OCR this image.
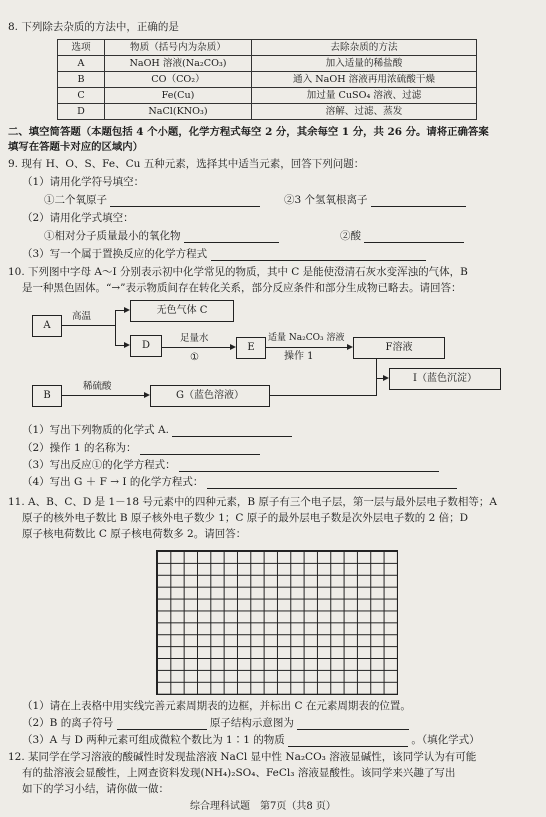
8. 下列除去杂质的方法中，正确的是
选项	物质（括号内为杂质）	去除杂质的方法
A	NaOH 溶液(Na₂CO₃)	加入适量的稀盐酸
B	CO（CO₂）	通入 NaOH 溶液再用浓硫酸干燥
C	Fe(Cu)	加过量 CuSO₄ 溶液、过滤
D	NaCl(KNO₃)	溶解、过滤、蒸发
二、填空简答题（本题包括 4 个小题，化学方程式每空 2 分，其余每空 1 分，共 26 分。请将正确答案
填写在答题卡对应的区域内）
9. 现有 H、O、S、Fe、Cu 五种元素，选择其中适当元素，回答下列问题：
（1）请用化学符号填空：
①二个氧原子	②3 个氢氧根离子
（2）请用化学式填空：
①相对分子质量最小的氧化物	②酸
（3）写一个属于置换反应的化学方程式
10. 下列图中字母 A～I 分别表示初中化学常见的物质，其中 C 是能使澄清石灰水变浑浊的气体，B
是一种黑色固体。“→”表示物质间存在转化关系，部分反应条件和部分生成物已略去。请回答：
A
无色气体 C
D	E	F溶液
B	G（蓝色溶液）
I（蓝色沉淀）
高温
足量水
①
适量 Na₂CO₃ 溶液
操作 1
稀硫酸
（1）写出下列物质的化学式 A.
（2）操作 1 的名称为：
（3）写出反应①的化学方程式：
（4）写出 G ＋ F → I 的化学方程式：
11. A、B、C、D 是 1－18 号元素中的四种元素，B 原子有三个电子层，第一层与最外层电子数相等；A
原子的核外电子数比 B 原子核外电子数少 1；C 原子的最外层电子数是次外层电子数的 2 倍；D
原子核电荷数比 C 原子核电荷数多 2。请回答：
（1）请在上表格中用实线完善元素周期表的边框，并标出 C 在元素周期表的位置。
（2）B 的离子符号	原子结构示意图为
（3）A 与 D 两种元素可组成微粒个数比为 1∶1 的物质	。（填化学式）
12. 某同学在学习溶液的酸碱性时发现盐溶液 NaCl 显中性 Na₂CO₃ 溶液显碱性，该同学认为有可能
有的盐溶液会显酸性，上网查资料发现(NH₄)₂SO₄、FeCl₃ 溶液显酸性。该同学来兴趣了写出
如下的学习小结，请你做一做：
综合理科试题　第7页（共8 页）
